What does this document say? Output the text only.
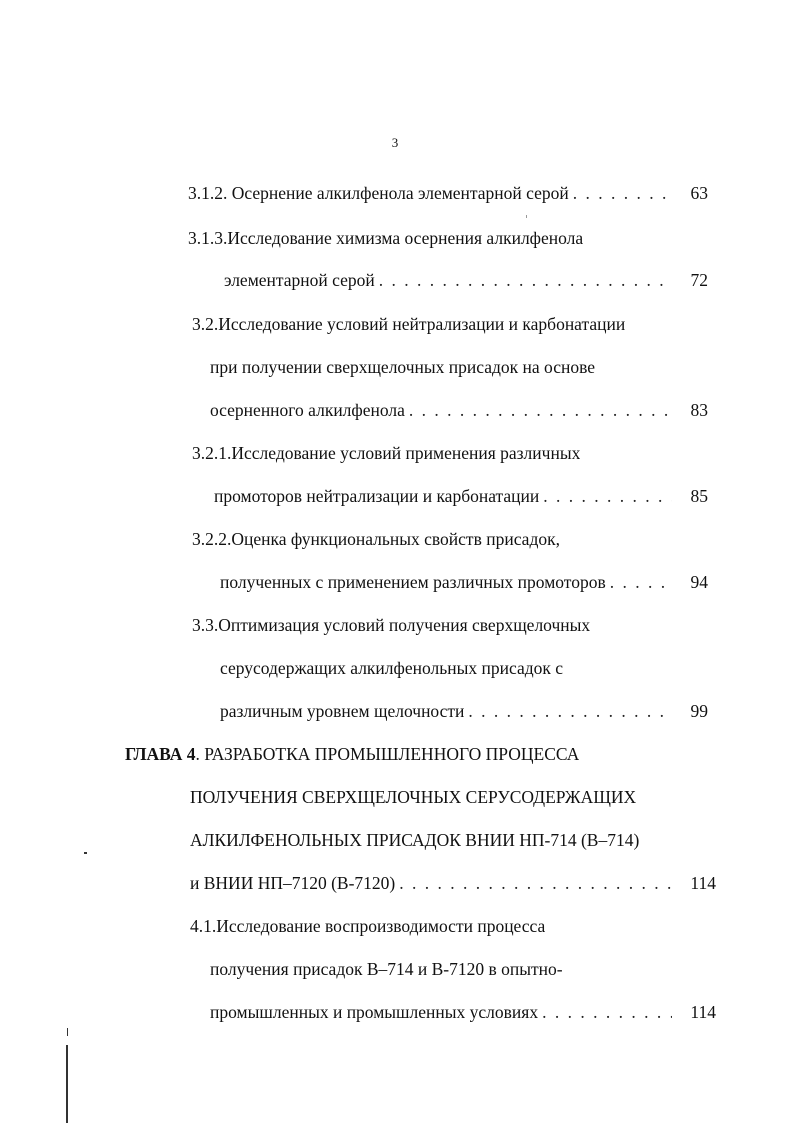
3
3.1.2. Осернение алкилфенола элементарной серой . . .	63
3.1.3.Исследование химизма осернения алкилфенола
элементарной серой . . .	72
3.2.Исследование условий нейтрализации и карбонатации
при получении сверхщелочных присадок на основе
осерненного алкилфенола . . .	83
3.2.1.Исследование условий применения различных
промоторов нейтрализации и карбонатации . . .	85
3.2.2.Оценка функциональных свойств присадок,
полученных с применением различных промоторов . . .	94
3.3.Оптимизация условий получения сверхщелочных
серусодержащих алкилфенольных присадок с
различным уровнем щелочности . . .	99
ГЛАВА 4. РАЗРАБОТКА ПРОМЫШЛЕННОГО ПРОЦЕССА
ПОЛУЧЕНИЯ СВЕРХЩЕЛОЧНЫХ СЕРУСОДЕРЖАЩИХ
АЛКИЛФЕНОЛЬНЫХ ПРИСАДОК ВНИИ НП-714 (В–714)
и ВНИИ НП–7120 (В-7120) . . .	114
4.1.Исследование воспроизводимости процесса
получения присадок В–714 и В-7120 в опытно-
промышленных и промышленных условиях . . .	114
